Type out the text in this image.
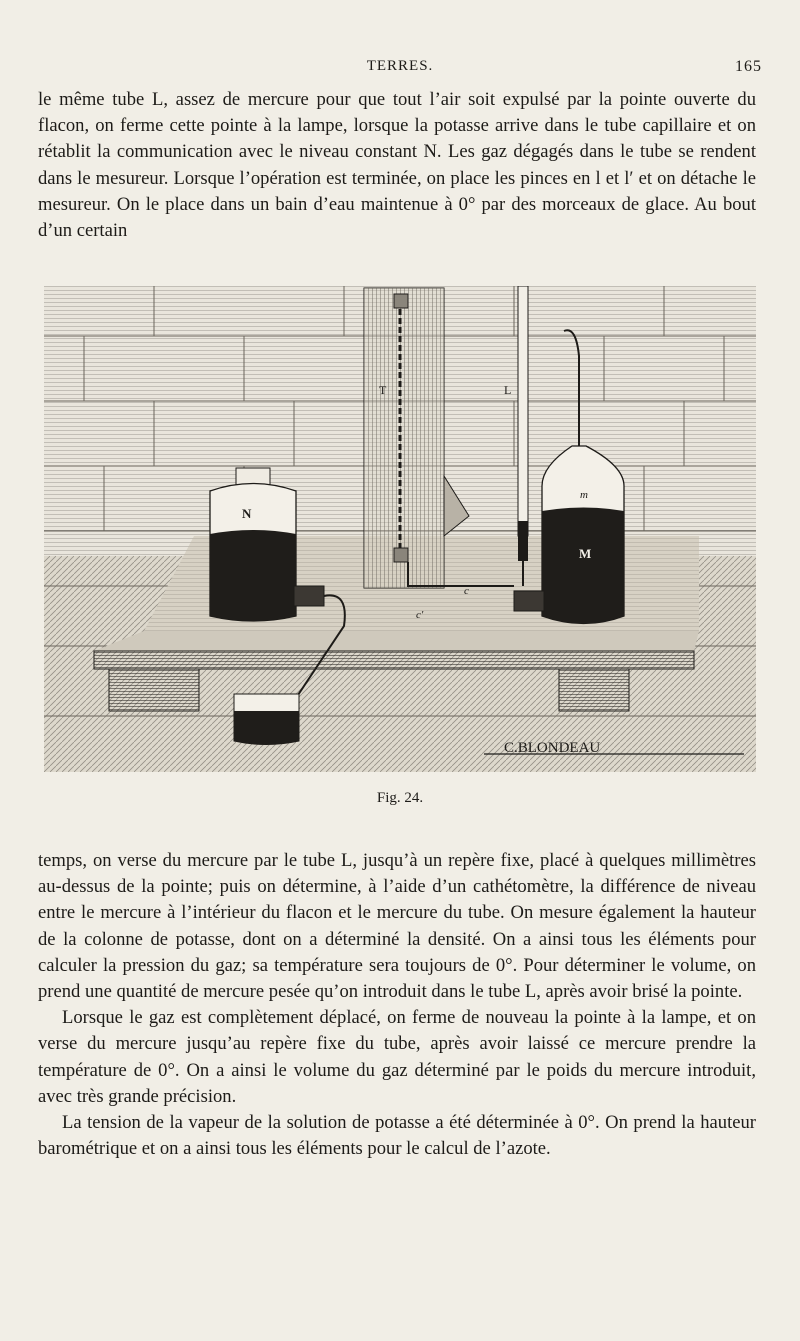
TERRES.	165

le même tube L, assez de mercure pour que tout l’air soit expulsé par la pointe ouverte du flacon, on ferme cette pointe à la lampe, lorsque la potasse arrive dans le tube capillaire et on rétablit la communication avec le niveau constant N. Les gaz dégagés dans le tube se rendent dans le mesureur. Lorsque l’opération est terminée, on place les pinces en l et l′ et on détache le mesureur. On le place dans un bain d’eau maintenue à 0° par des morceaux de glace. Au bout d’un certain

T	L
N
M
m
c
c′
C.BLONDEAU
Fig. 24.

temps, on verse du mercure par le tube L, jusqu’à un repère fixe, placé à quelques millimètres au-dessus de la pointe; puis on détermine, à l’aide d’un cathétomètre, la différence de niveau entre le mercure à l’intérieur du flacon et le mercure du tube. On mesure également la hauteur de la colonne de potasse, dont on a déterminé la densité. On a ainsi tous les éléments pour calculer la pression du gaz; sa température sera toujours de 0°. Pour déterminer le volume, on prend une quantité de mercure pesée qu’on introduit dans le tube L, après avoir brisé la pointe.

Lorsque le gaz est complètement déplacé, on ferme de nouveau la pointe à la lampe, et on verse du mercure jusqu’au repère fixe du tube, après avoir laissé ce mercure prendre la température de 0°. On a ainsi le volume du gaz déterminé par le poids du mercure introduit, avec très grande précision.

La tension de la vapeur de la solution de potasse a été déterminée à 0°. On prend la hauteur barométrique et on a ainsi tous les éléments pour le calcul de l’azote.
